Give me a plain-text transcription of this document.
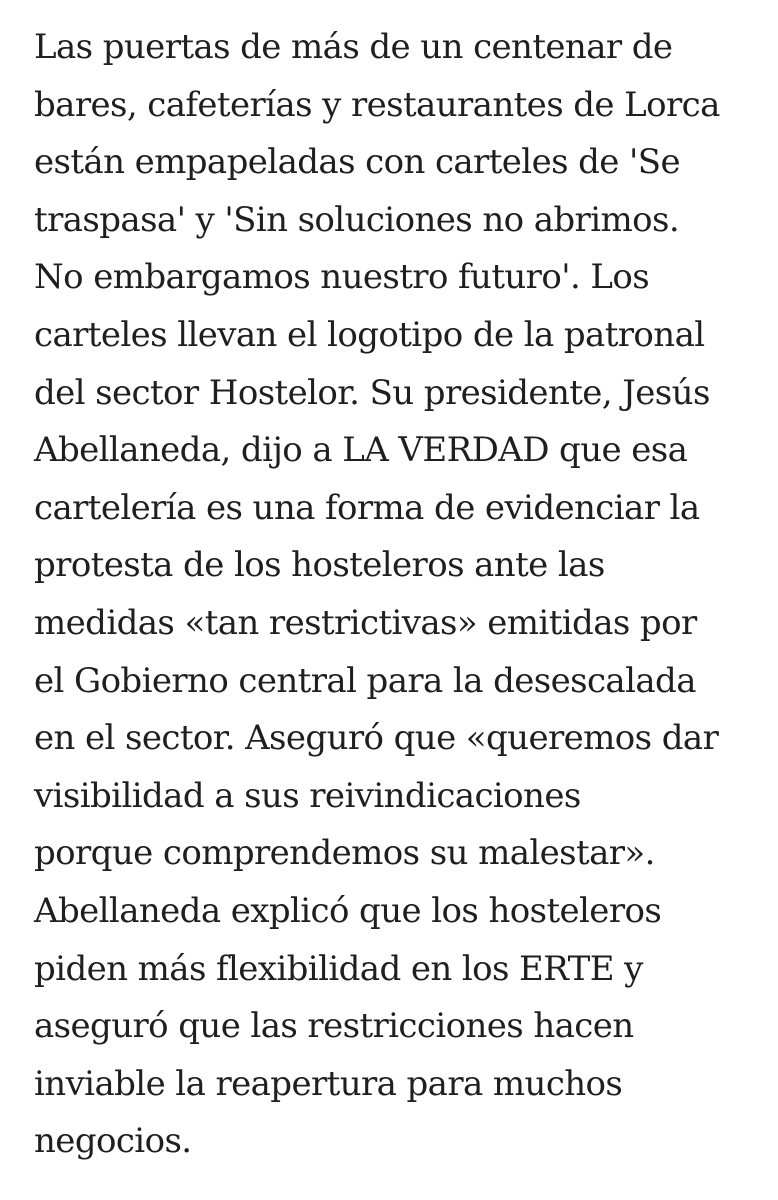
Las puertas de más de un centenar de

bares, cafeterías y restaurantes de Lorca

están empapeladas con carteles de 'Se

traspasa' y 'Sin soluciones no abrimos.

No embargamos nuestro futuro'. Los

carteles llevan el logotipo de la patronal

del sector Hostelor. Su presidente, Jesús

Abellaneda, dijo a LA VERDAD que esa

cartelería es una forma de evidenciar la

protesta de los hosteleros ante las

medidas «tan restrictivas» emitidas por

el Gobierno central para la desescalada

en el sector. Aseguró que «queremos dar

visibilidad a sus reivindicaciones

porque comprendemos su malestar».

Abellaneda explicó que los hosteleros

piden más flexibilidad en los ERTE y

aseguró que las restricciones hacen

inviable la reapertura para muchos

negocios.
